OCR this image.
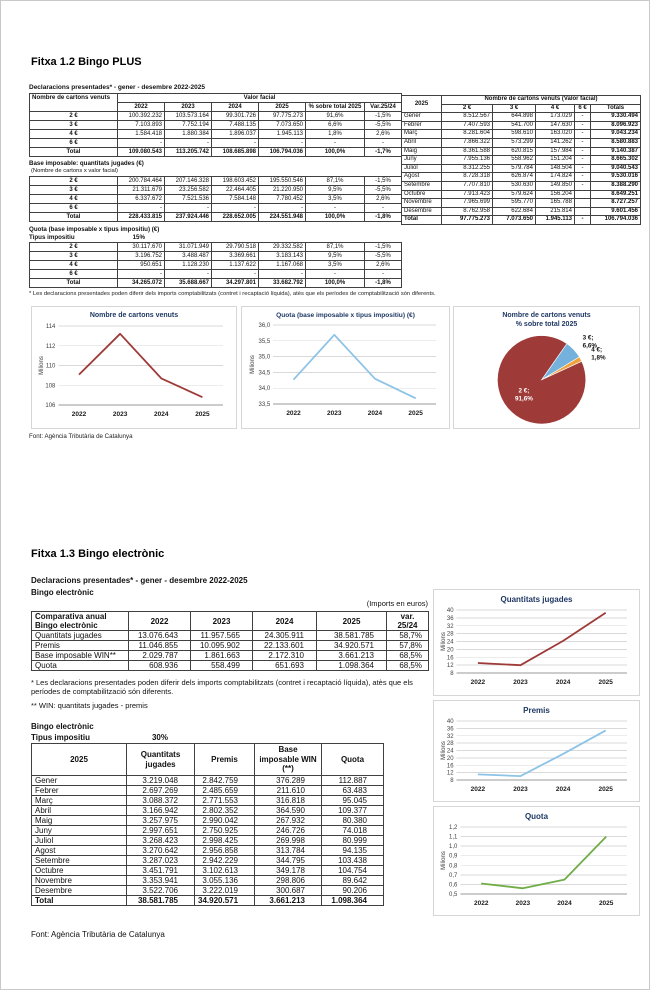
Fitxa 1.2 Bingo PLUS
Declaracions presentades* - gener - desembre 2022-2025
Nombre de cartons venuts	Valor facial					
	2022	2023	2024	2025	% sobre total 2025	Var.25/24
2 €	100.392.232	103.573.164	99.301.726	97.775.273	91,6%	-1,5%
3 €	7.103.893	7.752.194	7.488.135	7.073.650	6,6%	-5,5%
4 €	1.584.418	1.880.384	1.896.037	1.945.113	1,8%	2,6%
6 €	-	-	-	-	-	-
Total	109.080.543	113.205.742	108.685.898	106.794.036	100,0%	-1,7%
Base imposable: quantitats jugades (€)
(Nombre de cartons x valor facial)
2 €	200.784.464	207.146.328	198.603.452	195.550.546	87,1%	-1,5%
3 €	21.311.679	23.256.582	22.464.405	21.220.950	9,5%	-5,5%
4 €	6.337.672	7.521.536	7.584.148	7.780.452	3,5%	2,6%
6 €	-	-	-	-	-	-
Total	228.433.815	237.924.446	228.652.005	224.551.948	100,0%	-1,8%
Quota (base imposable x tipus impositiu) (€)
Tipus impositiu	15%
2 €	30.117.670	31.071.949	29.790.518	29.332.582	87,1%	-1,5%
3 €	3.196.752	3.488.487	3.369.661	3.183.143	9,5%	-5,5%
4 €	950.651	1.128.230	1.137.622	1.167.068	3,5%	2,6%
6 €	-	-	-	-	-	-
Total	34.265.072	35.688.667	34.297.801	33.682.792	100,0%	-1,8%
* Les declaracions presentades poden diferir dels imports comptabilitzats (contret i recaptació líquida), atès que els períodes de comptabilització són diferents.
2025	Nombre de cartons venuts (Valor facial)				
	2 €	3 €	4 €	6 €	Totals
Gener	8.512.567	644.898	173.029	-	9.330.494
Febrer	7.407.593	541.700	147.630	-	8.096.923
Març	8.281.604	598.610	163.020	-	9.043.234
Abril	7.866.322	573.299	141.262	-	8.580.883
Maig	8.361.588	620.815	157.984	-	9.140.387
Juny	7.955.136	558.962	151.204	-	8.665.302
Juliol	8.312.255	579.784	148.504	-	9.040.543
Agost	8.728.318	626.874	174.824	-	9.530.016
Setembre	7.707.810	530.630	149.850	-	8.388.290
Octubre	7.913.423	579.624	156.204		8.649.251
Novembre	7.965.699	595.770	165.788		8.727.257
Desembre	8.762.958	622.684	215.814		9.601.456
Total	97.775.273	7.073.650	1.945.113	-	106.794.036
Nombre de cartons venuts
106
108
110
112
114
2022	2023	2024	2025
Milions
Quota (base imposable x tipus impositiu) (€)
33,5
34,0
34,5
35,0
35,5
36,0
2022	2023	2024	2025
Milions
Nombre de cartons venuts
% sobre total 2025
3 €; 6,6%
4 €; 1,8%
2 €; 91,6%
Font: Agència Tributària de Catalunya
Fitxa 1.3 Bingo electrònic
Declaracions presentades* - gener - desembre 2022-2025
Bingo electrònic
(Imports en euros)
Comparativa anual
Bingo electrònic	2022	2023	2024	2025	var. 25/24
Quantitats jugades	13.076.643	11.957.565	24.305.911	38.581.785	58,7%
Premis	11.046.855	10.095.902	22.133.601	34.920.571	57,8%
Base imposable WIN**	2.029.787	1.861.663	2.172.310	3.661.213	68,5%
Quota	608.936	558.499	651.693	1.098.364	68,5%
* Les declaracions presentades poden diferir dels imports comptabilitzats (contret i recaptació líquida), atès que els períodes de comptabilització són diferents.
** WIN: quantitats jugades - premis
Bingo electrònic
Tipus impositiu	30%
2025	Quantitats jugades	Premis	Base imposable WIN (**)	Quota
Gener	3.219.048	2.842.759	376.289	112.887
Febrer	2.697.269	2.485.659	211.610	63.483
Març	3.088.372	2.771.553	316.818	95.045
Abril	3.166.942	2.802.352	364.590	109.377
Maig	3.257.975	2.990.042	267.932	80.380
Juny	2.997.651	2.750.925	246.726	74.018
Juliol	3.268.423	2.998.425	269.998	80.999
Agost	3.270.642	2.956.858	313.784	94.135
Setembre	3.287.023	2.942.229	344.795	103.438
Octubre	3.451.791	3.102.613	349.178	104.754
Novembre	3.353.941	3.055.136	298.806	89.642
Desembre	3.522.706	3.222.019	300.687	90.206
Total	38.581.785	34.920.571	3.661.213	1.098.364
Font: Agència Tributària de Catalunya
Quantitats jugades
8
12
16
20
24
28
32
36
40
2022	2023	2024	2025
Milions
Premis
8
12
16
20
24
28
32
36
40
2022	2023	2024	2025
Milions
Quota
0,5
0,6
0,7
0,8
0,9
1,0
1,1
1,2
2022	2023	2024	2025
Milions
